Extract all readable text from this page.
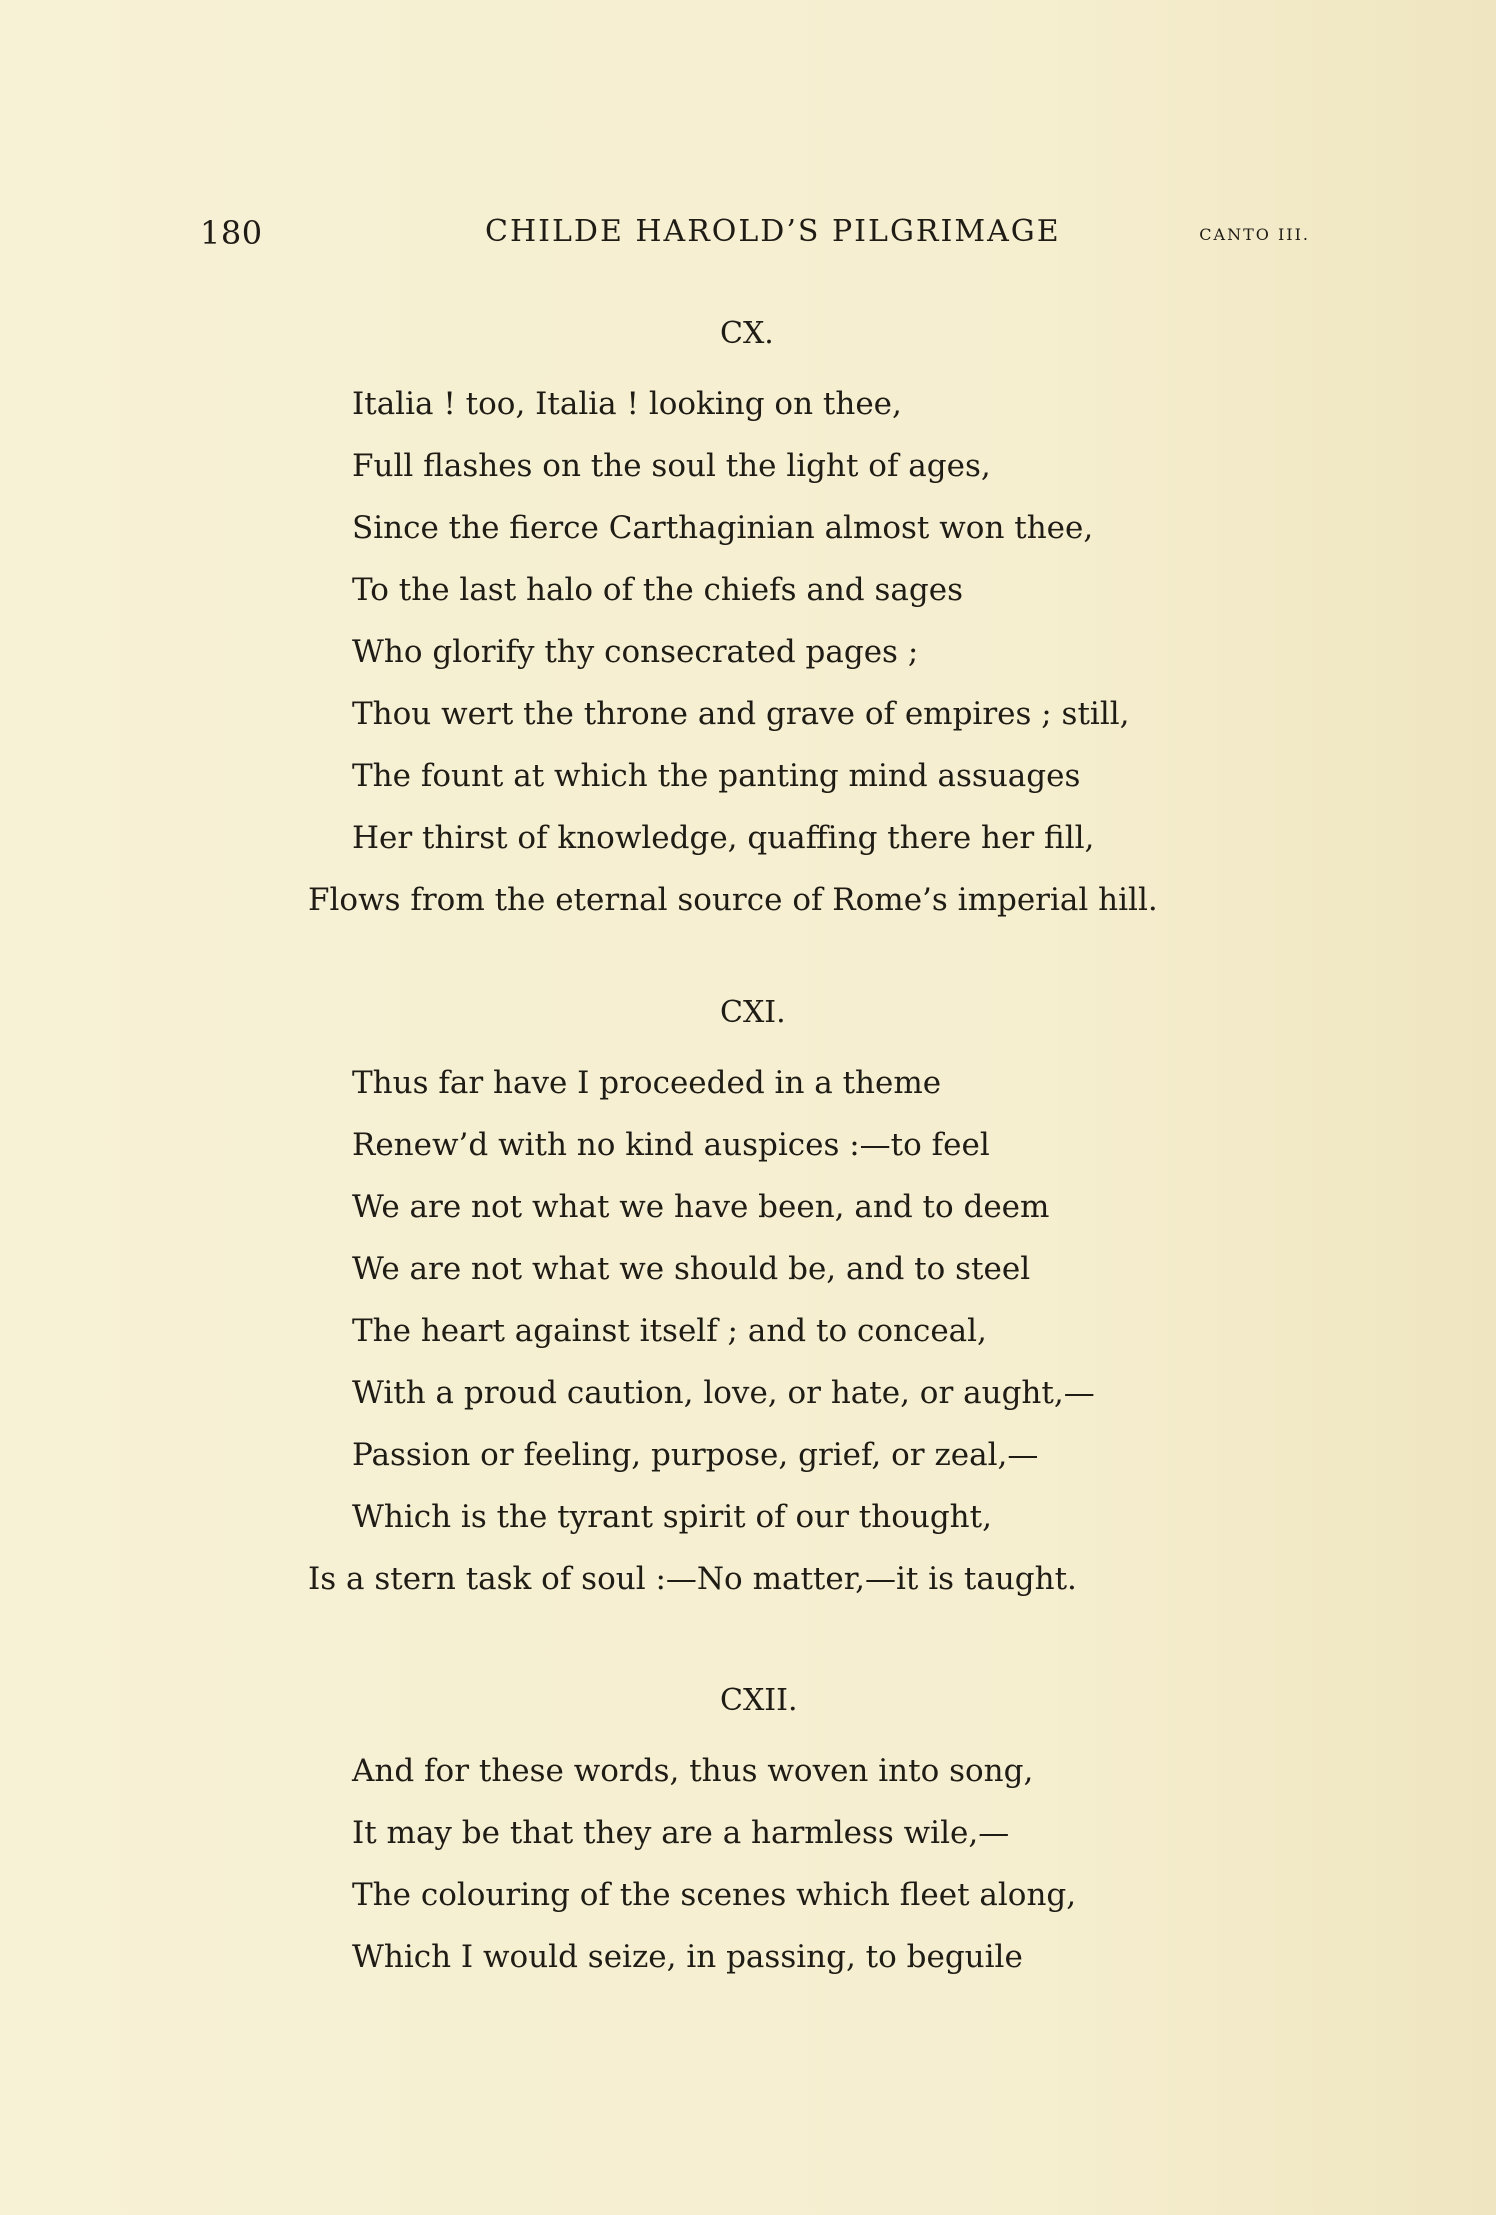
180	CHILDE HAROLD’S PILGRIMAGE	CANTO III.
CX.
Italia ! too, Italia ! looking on thee,
Full flashes on the soul the light of ages,
Since the fierce Carthaginian almost won thee,
To the last halo of the chiefs and sages
Who glorify thy consecrated pages ;
Thou wert the throne and grave of empires ; still,
The fount at which the panting mind assuages
Her thirst of knowledge, quaffing there her fill,
Flows from the eternal source of Rome’s imperial hill.
CXI.
Thus far have I proceeded in a theme
Renew’d with no kind auspices :—to feel
We are not what we have been, and to deem
We are not what we should be, and to steel
The heart against itself ; and to conceal,
With a proud caution, love, or hate, or aught,—
Passion or feeling, purpose, grief, or zeal,—
Which is the tyrant spirit of our thought,
Is a stern task of soul :—No matter,—it is taught.
CXII.
And for these words, thus woven into song,
It may be that they are a harmless wile,—
The colouring of the scenes which fleet along,
Which I would seize, in passing, to beguile
